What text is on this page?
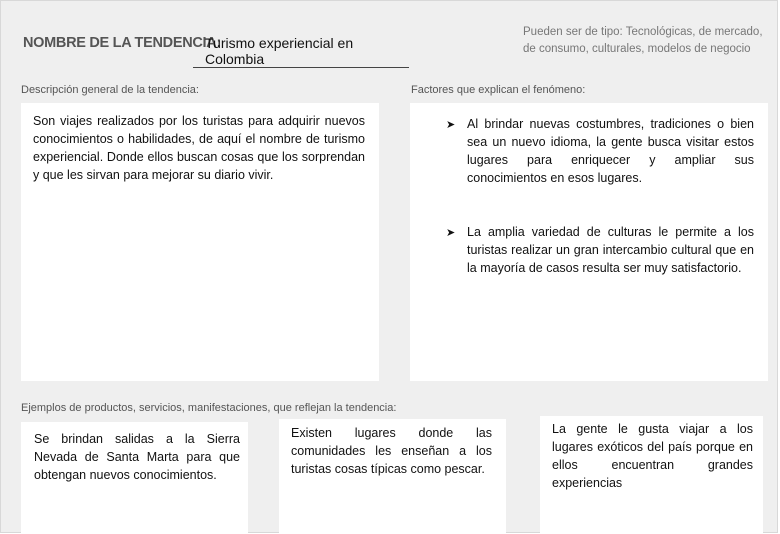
NOMBRE DE LA TENDENCIA:
Turismo experiencial en Colombia
Pueden ser de tipo: Tecnológicas, de mercado, de consumo, culturales, modelos de negocio
Descripción general de la tendencia:
Son viajes realizados por los turistas para adquirir nuevos conocimientos o habilidades, de aquí el nombre de turismo experiencial. Donde ellos buscan cosas que los sorprendan y que les sirvan para mejorar su diario vivir.
Factores que explican el fenómeno:
➤ Al brindar nuevas costumbres, tradiciones o bien sea un nuevo idioma, la gente busca visitar estos lugares para enriquecer y ampliar sus conocimientos en esos lugares.
➤ La amplia variedad de culturas le permite a los turistas realizar un gran intercambio cultural que en la mayoría de casos resulta ser muy satisfactorio.
Ejemplos de productos, servicios, manifestaciones, que reflejan la tendencia:
Se brindan salidas a la Sierra Nevada de Santa Marta para que obtengan nuevos conocimientos.
Existen lugares donde las comunidades les enseñan a los turistas cosas típicas como pescar.
La gente le gusta viajar a los lugares exóticos del país porque en ellos encuentran grandes experiencias
